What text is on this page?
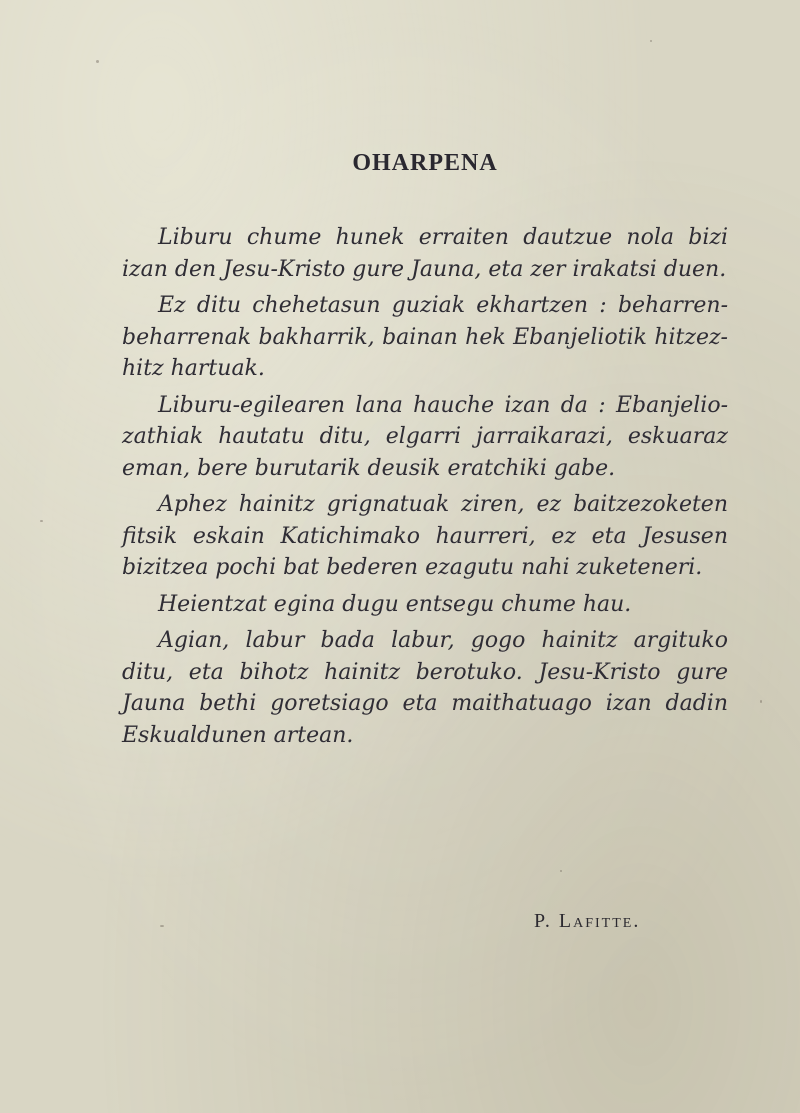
OHARPENA

Liburu chume hunek erraiten dautzue nola bizi izan den Jesu-Kristo gure Jauna, eta zer irakatsi duen.

Ez ditu chehetasun guziak ekhartzen : beharren-beharrenak bakharrik, bainan hek Ebanjeliotik hitzez-hitz hartuak.

Liburu-egilearen lana hauche izan da : Ebanjelio-zathiak hautatu ditu, elgarri jarraikarazi, eskuaraz eman, bere burutarik deusik eratchiki gabe.

Aphez hainitz grignatuak ziren, ez baitzezoketen fitsik eskain Katichimako haurreri, ez eta Jesusen bizitzea pochi bat bederen ezagutu nahi zuketeneri.

Heientzat egina dugu entsegu chume hau.

Agian, labur bada labur, gogo hainitz argituko ditu, eta bihotz hainitz berotuko. Jesu-Kristo gure Jauna bethi goretsiago eta maithatuago izan dadin Eskualdunen artean.

P. Lafitte.
